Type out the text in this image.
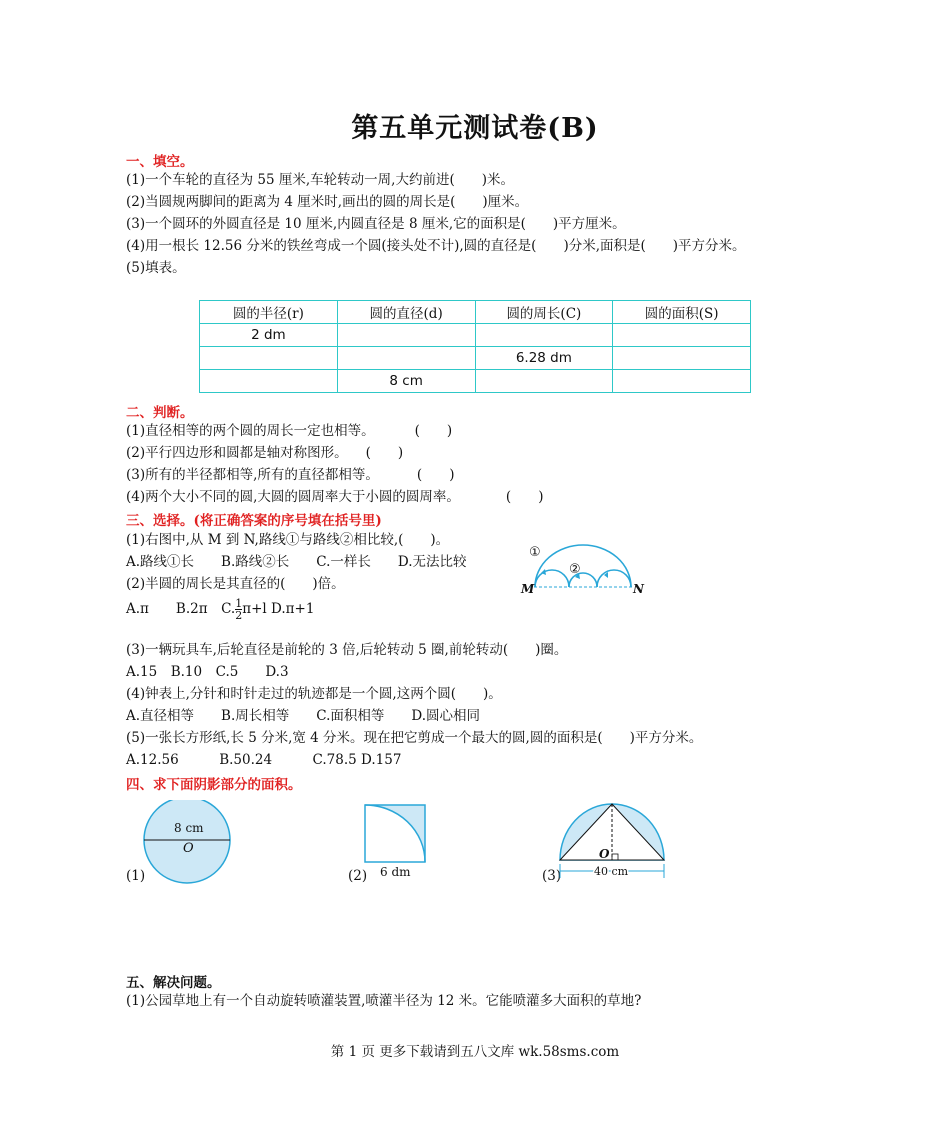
第五单元测试卷(B)
一、填空。
(1)一个车轮的直径为 55 厘米,车轮转动一周,大约前进(　　)米。
(2)当圆规两脚间的距离为 4 厘米时,画出的圆的周长是(　　)厘米。
(3)一个圆环的外圆直径是 10 厘米,内圆直径是 8 厘米,它的面积是(　　)平方厘米。
(4)用一根长 12.56 分米的铁丝弯成一个圆(接头处不计),圆的直径是(　　)分米,面积是(　　)平方分米。
(5)填表。
圆的半径(r)	圆的直径(d)	圆的周长(C)	圆的面积(S)
2 dm			
		6.28 dm	
	8 cm		
二、判断。
(1)直径相等的两个圆的周长一定也相等。	(　　)
(2)平行四边形和圆都是轴对称图形。 (　　)
(3)所有的半径都相等,所有的直径都相等。	(　　)
(4)两个大小不同的圆,大圆的圆周率大于小圆的圆周率。	(　　)
三、选择。(将正确答案的序号填在括号里)
(1)右图中,从 M 到 N,路线①与路线②相比较,(　　)。
A.路线①长　　B.路线②长　　C.一样长　　D.无法比较
(2)半圆的周长是其直径的(　　)倍。
A.π　　B.2π　C. $\frac{1}{2} \pi+l$ D.π+1
(3)一辆玩具车,后轮直径是前轮的 3 倍,后轮转动 5 圈,前轮转动(　　)圈。
A.15　B.10　C.5　　D.3
(4)钟表上,分针和时针走过的轨迹都是一个圆,这两个圆(　　)。
A.直径相等　　B.周长相等　　C.面积相等　　D.圆心相同
(5)一张长方形纸,长 5 分米,宽 4 分米。现在把它剪成一个最大的圆,圆的面积是(　　)平方分米。
A.12.56　　　B.50.24　　　C.78.5 D.157
①
②
M	N
四、求下面阴影部分的面积。
(1)
8 cm
O
(2) 6 dm	(3)
O
40 cm
五、解决问题。
(1)公园草地上有一个自动旋转喷灌装置,喷灌半径为 12 米。它能喷灌多大面积的草地?
第 1 页 更多下载请到五八文库 wk.58sms.com
